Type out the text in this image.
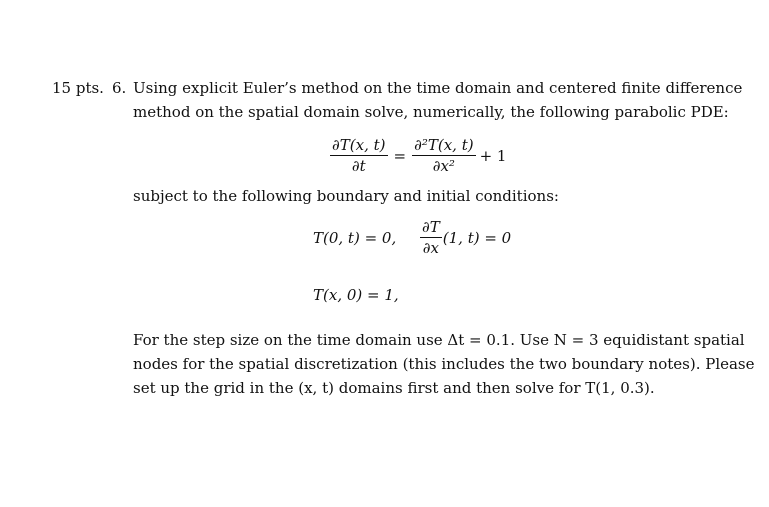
15 pts. 6. Using explicit Euler’s method on the time domain and centered finite difference
method on the spatial domain solve, numerically, the following parabolic PDE:
$\frac{\partial T(x, t)}{\partial t} = \frac{\text{∂²T(x, t)}}{\text{∂x²}} + 1$
subject to the following boundary and initial conditions:
T(0, t) = 0, $\frac{\partial T}{\partial x} (1$, t) = 0
T(x, 0) = 1,
For the step size on the time domain use Δt = 0.1. Use N = 3 equidistant spatial
nodes for the spatial discretization (this includes the two boundary notes). Please
set up the grid in the (x, t) domains first and then solve for T(1, 0.3).
